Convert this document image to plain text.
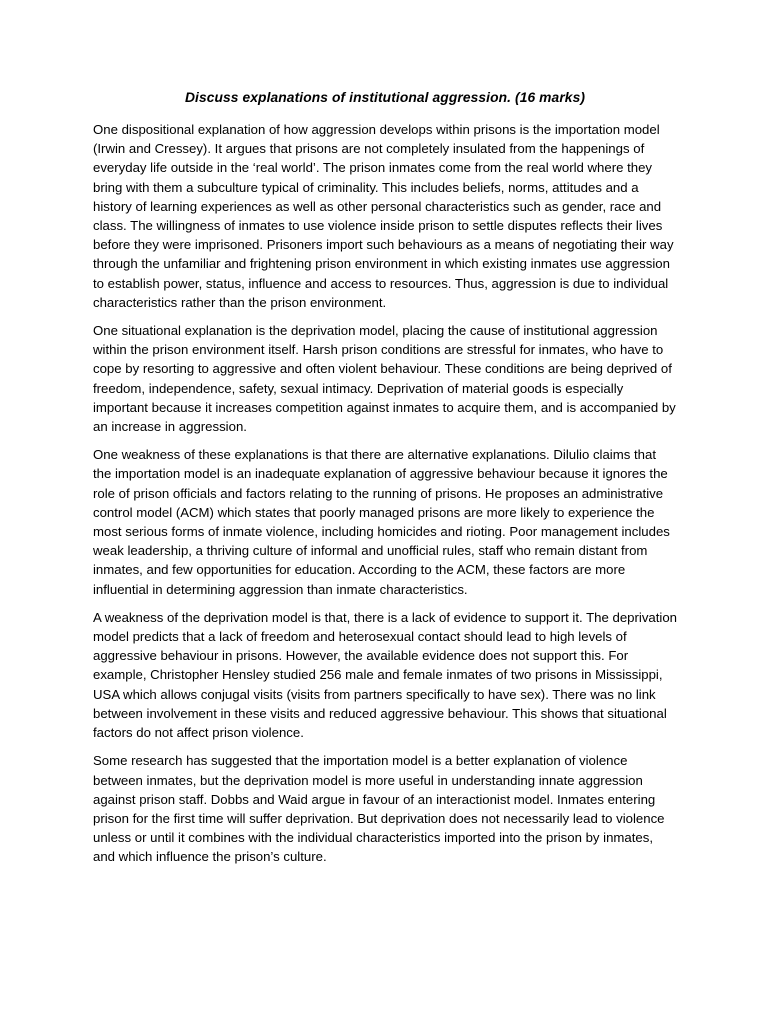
Discuss explanations of institutional aggression. (16 marks)

One dispositional explanation of how aggression develops within prisons is the importation model (Irwin and Cressey). It argues that prisons are not completely insulated from the happenings of everyday life outside in the ‘real world’. The prison inmates come from the real world where they bring with them a subculture typical of criminality. This includes beliefs, norms, attitudes and a history of learning experiences as well as other personal characteristics such as gender, race and class. The willingness of inmates to use violence inside prison to settle disputes reflects their lives before they were imprisoned. Prisoners import such behaviours as a means of negotiating their way through the unfamiliar and frightening prison environment in which existing inmates use aggression to establish power, status, influence and access to resources. Thus, aggression is due to individual characteristics rather than the prison environment.

One situational explanation is the deprivation model, placing the cause of institutional aggression within the prison environment itself. Harsh prison conditions are stressful for inmates, who have to cope by resorting to aggressive and often violent behaviour. These conditions are being deprived of freedom, independence, safety, sexual intimacy. Deprivation of material goods is especially important because it increases competition against inmates to acquire them, and is accompanied by an increase in aggression.

One weakness of these explanations is that there are alternative explanations. Dilulio claims that the importation model is an inadequate explanation of aggressive behaviour because it ignores the role of prison officials and factors relating to the running of prisons. He proposes an administrative control model (ACM) which states that poorly managed prisons are more likely to experience the most serious forms of inmate violence, including homicides and rioting. Poor management includes weak leadership, a thriving culture of informal and unofficial rules, staff who remain distant from inmates, and few opportunities for education. According to the ACM, these factors are more influential in determining aggression than inmate characteristics.

A weakness of the deprivation model is that, there is a lack of evidence to support it. The deprivation model predicts that a lack of freedom and heterosexual contact should lead to high levels of aggressive behaviour in prisons. However, the available evidence does not support this. For example, Christopher Hensley studied 256 male and female inmates of two prisons in Mississippi, USA which allows conjugal visits (visits from partners specifically to have sex). There was no link between involvement in these visits and reduced aggressive behaviour. This shows that situational factors do not affect prison violence.

Some research has suggested that the importation model is a better explanation of violence between inmates, but the deprivation model is more useful in understanding innate aggression against prison staff. Dobbs and Waid argue in favour of an interactionist model. Inmates entering prison for the first time will suffer deprivation. But deprivation does not necessarily lead to violence unless or until it combines with the individual characteristics imported into the prison by inmates, and which influence the prison’s culture.
